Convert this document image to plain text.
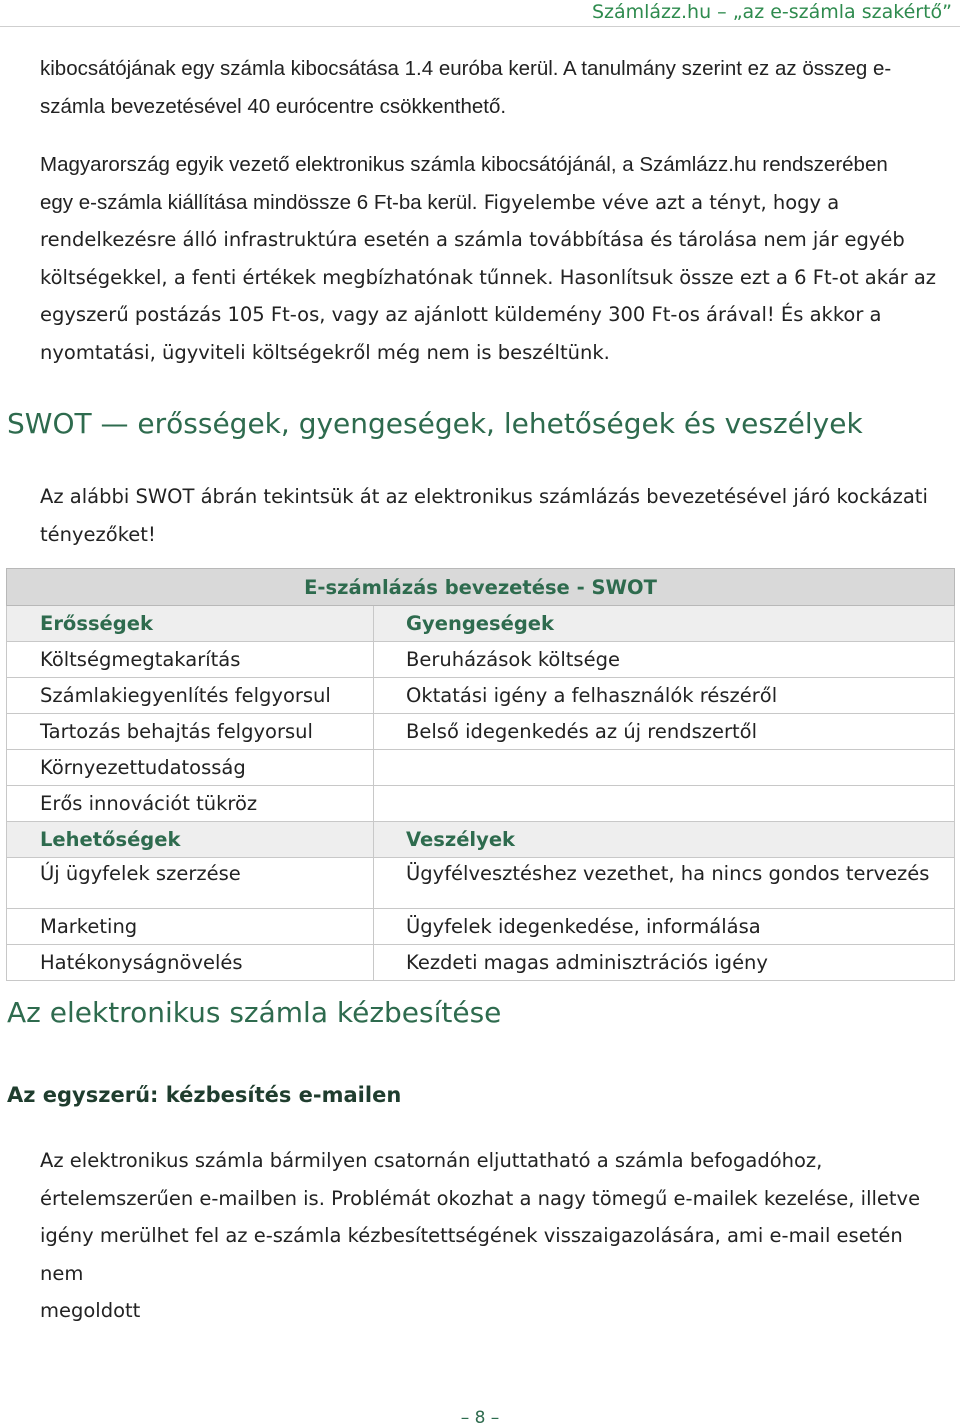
Számlázz.hu – „az e-számla szakértő”

kibocsátójának egy számla kibocsátása 1.4 euróba kerül. A tanulmány szerint ez az összeg e-

számla bevezetésével 40 eurócentre csökkenthető.

Magyarország egyik vezető elektronikus számla kibocsátójánál, a Számlázz.hu rendszerében

egy e-számla kiállítása mindössze 6 Ft-ba kerül. Figyelembe véve azt a tényt, hogy a

rendelkezésre álló infrastruktúra esetén a számla továbbítása és tárolása nem jár egyéb

költségekkel, a fenti értékek megbízhatónak tűnnek. Hasonlítsuk össze ezt a 6 Ft-ot akár az

egyszerű postázás 105 Ft-os, vagy az ajánlott küldemény 300 Ft-os árával! És akkor a

nyomtatási, ügyviteli költségekről még nem is beszéltünk.

SWOT — erősségek, gyengeségek, lehetőségek és veszélyek

Az alábbi SWOT ábrán tekintsük át az elektronikus számlázás bevezetésével járó kockázati

tényezőket!

E-számlázás bevezetése - SWOT	
Erősségek	Gyengeségek
Költségmegtakarítás	Beruházások költsége
Számlakiegyenlítés felgyorsul	Oktatási igény a felhasználók részéről
Tartozás behajtás felgyorsul	Belső idegenkedés az új rendszertől
Környezettudatosság	
Erős innovációt tükröz	
Lehetőségek	Veszélyek
Új ügyfelek szerzése	Ügyfélvesztéshez vezethet, ha nincs gondos tervezés
Marketing	Ügyfelek idegenkedése, informálása
Hatékonyságnövelés	Kezdeti magas adminisztrációs igény
Az elektronikus számla kézbesítése
Az egyszerű: kézbesítés e-mailen

Az elektronikus számla bármilyen csatornán eljuttatható a számla befogadóhoz,

értelemszerűen e-mailben is. Problémát okozhat a nagy tömegű e-mailek kezelése, illetve

igény merülhet fel az e-számla kézbesítettségének visszaigazolására, ami e-mail esetén nem

megoldott

– 8 –
